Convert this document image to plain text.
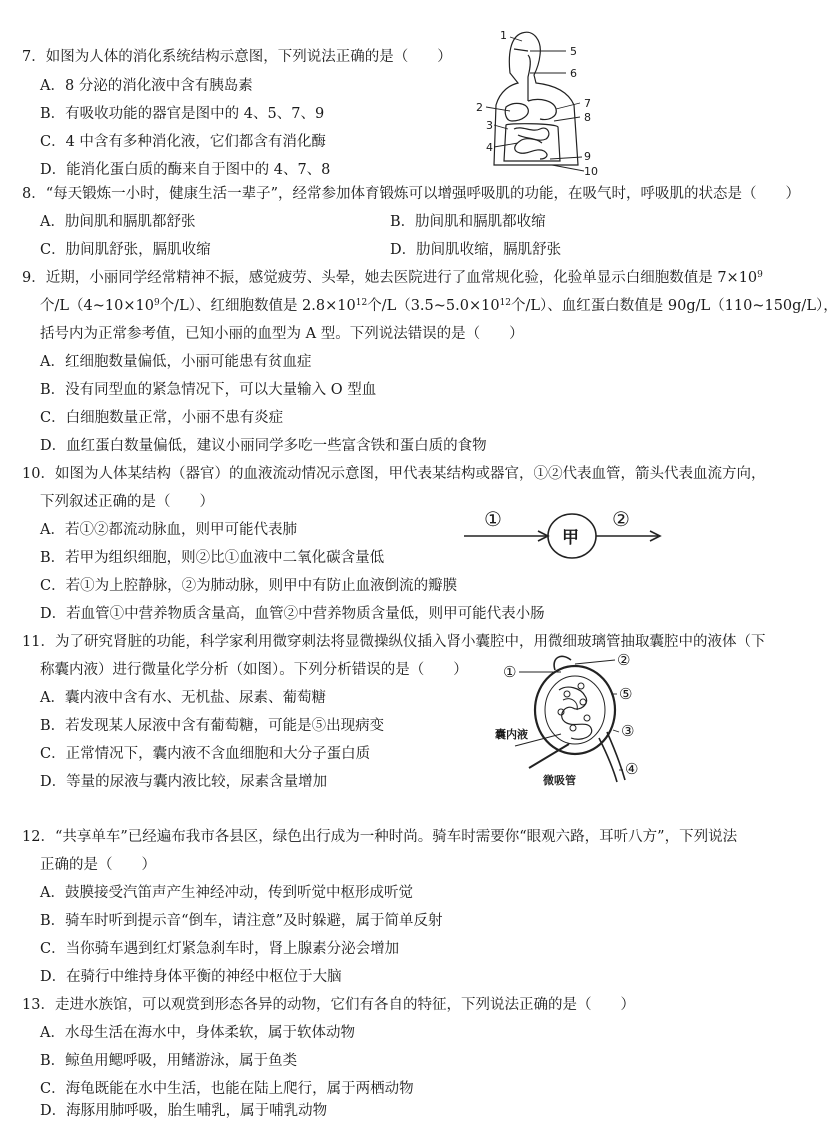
7．如图为人体的消化系统结构示意图，下列说法正确的是（　　）
A．8 分泌的消化液中含有胰岛素
B．有吸收功能的器官是图中的 4、5、7、9
C．4 中含有多种消化液，它们都含有消化酶
D．能消化蛋白质的酶来自于图中的 4、7、8
1
2
3
4
5
6
7
8
9
10
8．“每天锻炼一小时，健康生活一辈子”，经常参加体育锻炼可以增强呼吸肌的功能，在吸气时，呼吸肌的状态是（　　）
A．肋间肌和膈肌都舒张	B．肋间肌和膈肌都收缩
C．肋间肌舒张，膈肌收缩	D．肋间肌收缩，膈肌舒张
9．近期，小丽同学经常精神不振，感觉疲劳、头晕，她去医院进行了血常规化验，化验单显示白细胞数值是 $7\times 10^9$
个$/L(4\sim 10\times 10^9$个/L）、红细胞数值是 $2.8\times 10^{12}$个$/L(3.5\sim 5.0\times 10^{12}$个/L）、血红蛋白数值是 90g/L（110~150g/L），
括号内为正常参考值，已知小丽的血型为 A 型。下列说法错误的是（　　）
A．红细胞数量偏低，小丽可能患有贫血症
B．没有同型血的紧急情况下，可以大量输入 O 型血
C．白细胞数量正常，小丽不患有炎症
D．血红蛋白数量偏低，建议小丽同学多吃一些富含铁和蛋白质的食物
10．如图为人体某结构（器官）的血液流动情况示意图，甲代表某结构或器官，①②代表血管，箭头代表血流方向，
下列叙述正确的是（　　）
A．若①②都流动脉血，则甲可能代表肺
B．若甲为组织细胞，则②比①血液中二氧化碳含量低
C．若①为上腔静脉，②为肺动脉，则甲中有防止血液倒流的瓣膜
D．若血管①中营养物质含量高，血管②中营养物质含量低，则甲可能代表小肠
①
甲
②
11．为了研究肾脏的功能，科学家利用微穿刺法将显微操纵仪插入肾小囊腔中，用微细玻璃管抽取囊腔中的液体（下
称囊内液）进行微量化学分析（如图）。下列分析错误的是（　　）
A．囊内液中含有水、无机盐、尿素、葡萄糖
B．若发现某人尿液中含有葡萄糖，可能是⑤出现病变
C．正常情况下，囊内液不含血细胞和大分子蛋白质
D．等量的尿液与囊内液比较，尿素含量增加
①
②
③
④
⑤
囊内液
微吸管
12．“共享单车”已经遍布我市各县区，绿色出行成为一种时尚。骑车时需要你“眼观六路，耳听八方”，下列说法
正确的是（　　）
A．鼓膜接受汽笛声产生神经冲动，传到听觉中枢形成听觉
B．骑车时听到提示音“倒车，请注意”及时躲避，属于简单反射
C．当你骑车遇到红灯紧急刹车时，肾上腺素分泌会增加
D．在骑行中维持身体平衡的神经中枢位于大脑
13．走进水族馆，可以观赏到形态各异的动物，它们有各自的特征，下列说法正确的是（　　）
A．水母生活在海水中，身体柔软，属于软体动物
B．鲸鱼用鳃呼吸，用鳍游泳，属于鱼类
C．海龟既能在水中生活，也能在陆上爬行，属于两栖动物
D．海豚用肺呼吸，胎生哺乳，属于哺乳动物
